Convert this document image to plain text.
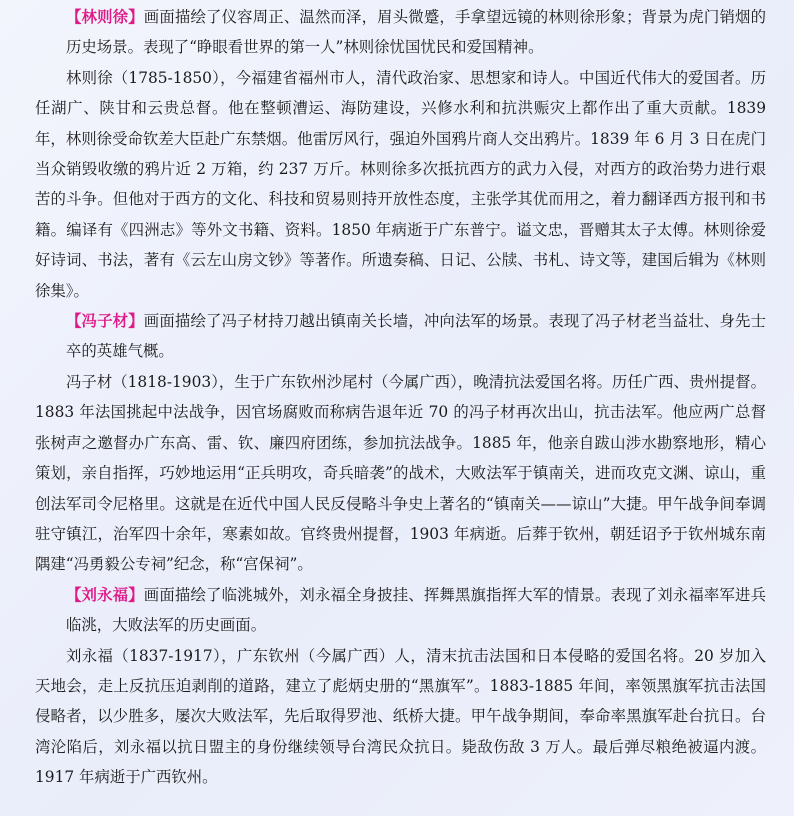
【林则徐】画面描绘了仪容周正、温然而泽，眉头微蹙，手拿望远镜的林则徐形象；背景为虎门销烟的历史场景。表现了“睁眼看世界的第一人”林则徐忧国忧民和爱国精神。

林则徐（1785-1850），今福建省福州市人，清代政治家、思想家和诗人。中国近代伟大的爱国者。历任湖广、陕甘和云贵总督。他在整顿漕运、海防建设，兴修水利和抗洪赈灾上都作出了重大贡献。1839年，林则徐受命钦差大臣赴广东禁烟。他雷厉风行，强迫外国鸦片商人交出鸦片。1839 年 6 月 3 日在虎门当众销毁收缴的鸦片近 2 万箱，约 237 万斤。林则徐多次抵抗西方的武力入侵，对西方的政治势力进行艰苦的斗争。但他对于西方的文化、科技和贸易则持开放性态度，主张学其优而用之，着力翻译西方报刊和书籍。编译有《四洲志》等外文书籍、资料。1850 年病逝于广东普宁。谥文忠，晋赠其太子太傅。林则徐爱好诗词、书法，著有《云左山房文钞》等著作。所遗奏稿、日记、公牍、书札、诗文等，建国后辑为《林则徐集》。

【冯子材】画面描绘了冯子材持刀越出镇南关长墙，冲向法军的场景。表现了冯子材老当益壮、身先士卒的英雄气概。

冯子材（1818-1903），生于广东钦州沙尾村（今属广西），晚清抗法爱国名将。历任广西、贵州提督。1883 年法国挑起中法战争，因官场腐败而称病告退年近 70 的冯子材再次出山，抗击法军。他应两广总督张树声之邀督办广东高、雷、钦、廉四府团练，参加抗法战争。1885 年，他亲自跋山涉水勘察地形，精心策划，亲自指挥，巧妙地运用“正兵明攻，奇兵暗袭”的战术，大败法军于镇南关，进而攻克文渊、谅山，重创法军司令尼格里。这就是在近代中国人民反侵略斗争史上著名的“镇南关——谅山”大捷。甲午战争间奉调驻守镇江，治军四十余年，寒素如故。官终贵州提督，1903 年病逝。后葬于钦州，朝廷诏予于钦州城东南隅建“冯勇毅公专祠”纪念，称“宫保祠”。

【刘永福】画面描绘了临洮城外，刘永福全身披挂、挥舞黑旗指挥大军的情景。表现了刘永福率军进兵临洮，大败法军的历史画面。

刘永福（1837-1917），广东钦州（今属广西）人，清末抗击法国和日本侵略的爱国名将。20 岁加入天地会，走上反抗压迫剥削的道路，建立了彪炳史册的“黑旗军”。1883-1885 年间，率领黑旗军抗击法国侵略者，以少胜多，屡次大败法军，先后取得罗池、纸桥大捷。甲午战争期间，奉命率黑旗军赴台抗日。台湾沦陷后，刘永福以抗日盟主的身份继续领导台湾民众抗日。毙敌伤敌 3 万人。最后弹尽粮绝被逼内渡。1917 年病逝于广西钦州。
